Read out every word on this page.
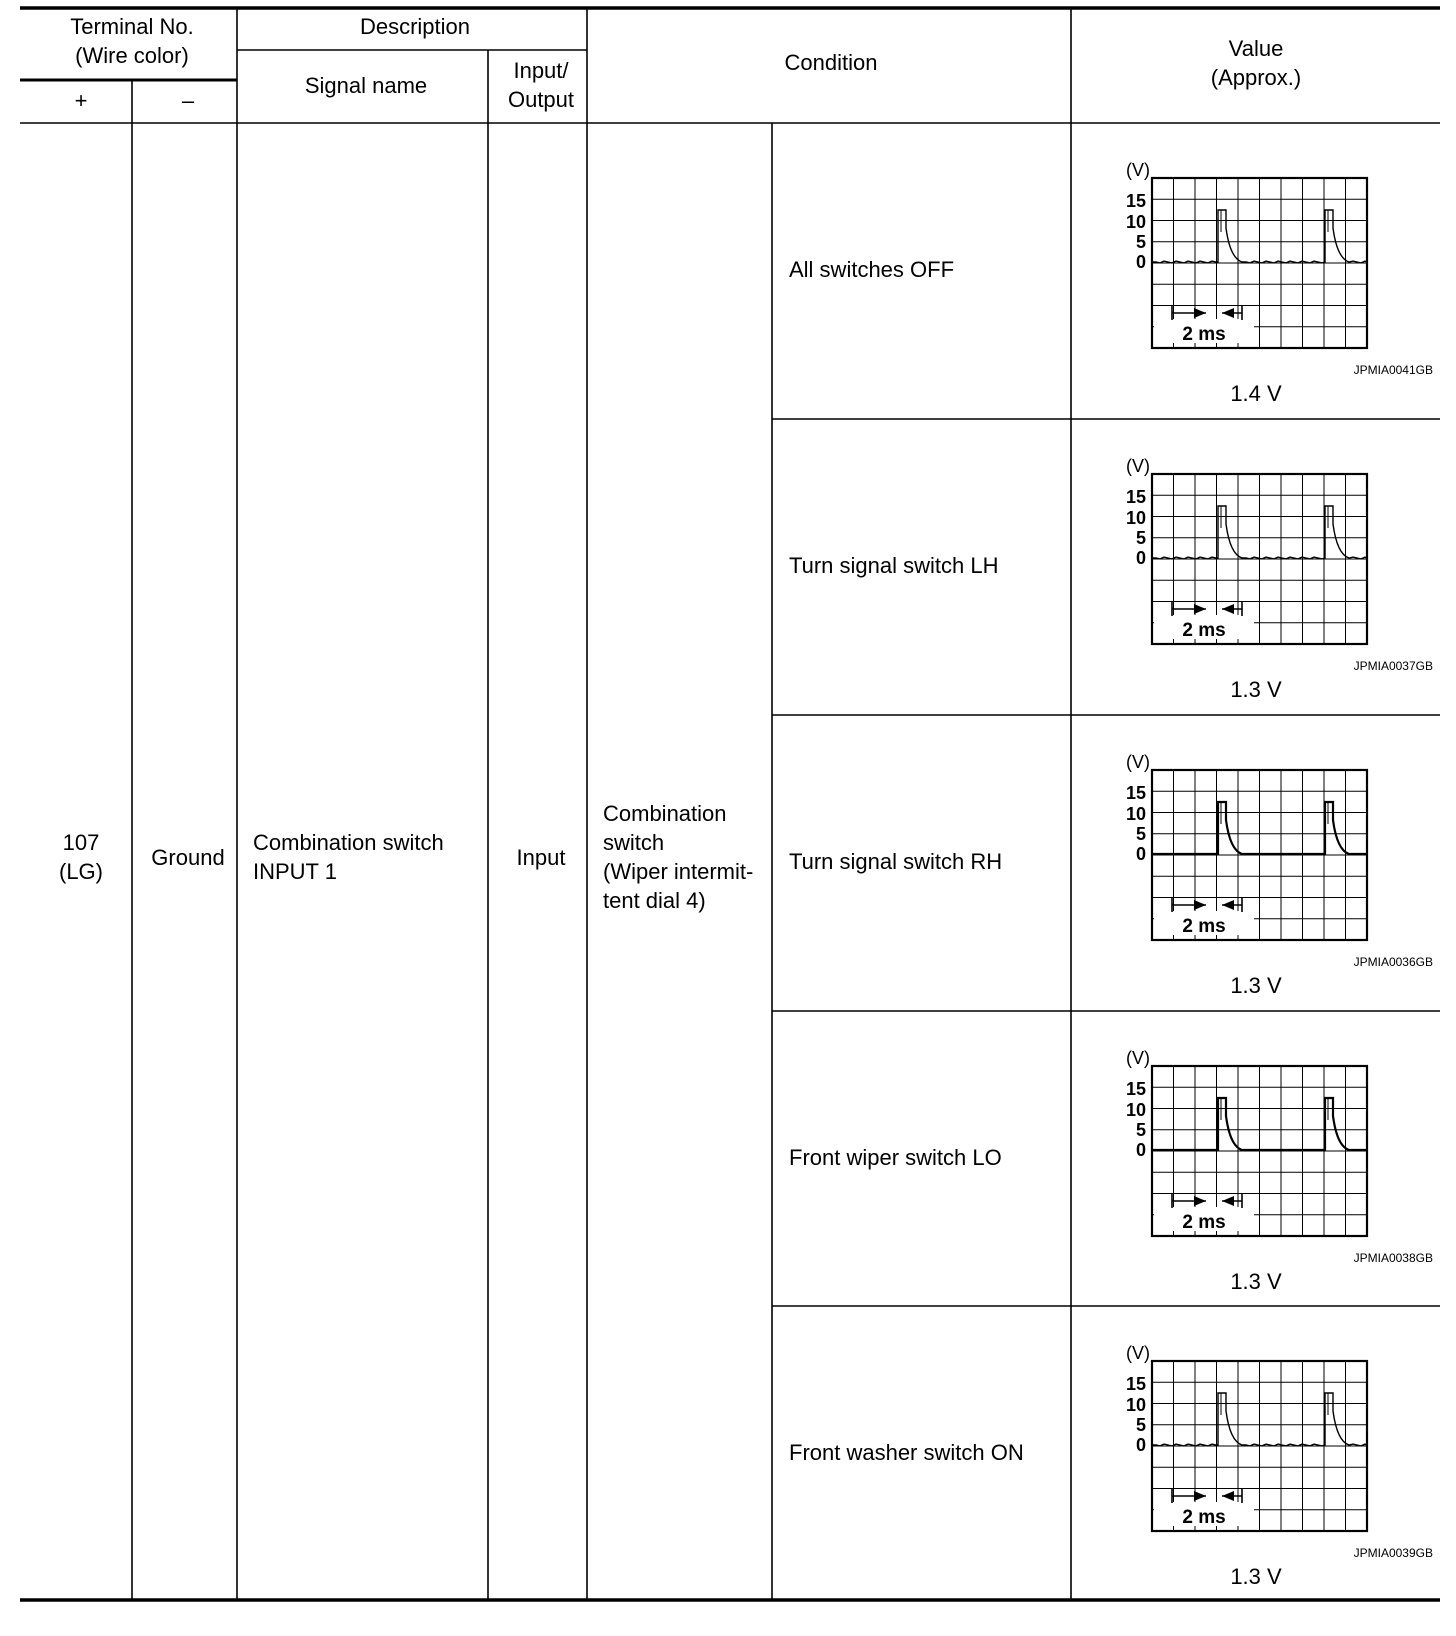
Terminal No.
(Wire color)
+	–
Description
Signal name
Input/
Output
Condition
Value
(Approx.)
107
(LG)
Ground
Combination switch
INPUT 1
Input
Combination
switch
(Wiper intermit-
tent dial 4)
All switches OFF
(V)
15
10
5
0
2 ms
JPMIA0041GB
1.4 V
Turn signal switch LH
(V)
15
10
5
0
2 ms
JPMIA0037GB
1.3 V
Turn signal switch RH
(V)
15
10
5
0
2 ms
JPMIA0036GB
1.3 V
Front wiper switch LO
(V)
15
10
5
0
2 ms
JPMIA0038GB
1.3 V
Front washer switch ON
(V)
15
10
5
0
2 ms
JPMIA0039GB
1.3 V
